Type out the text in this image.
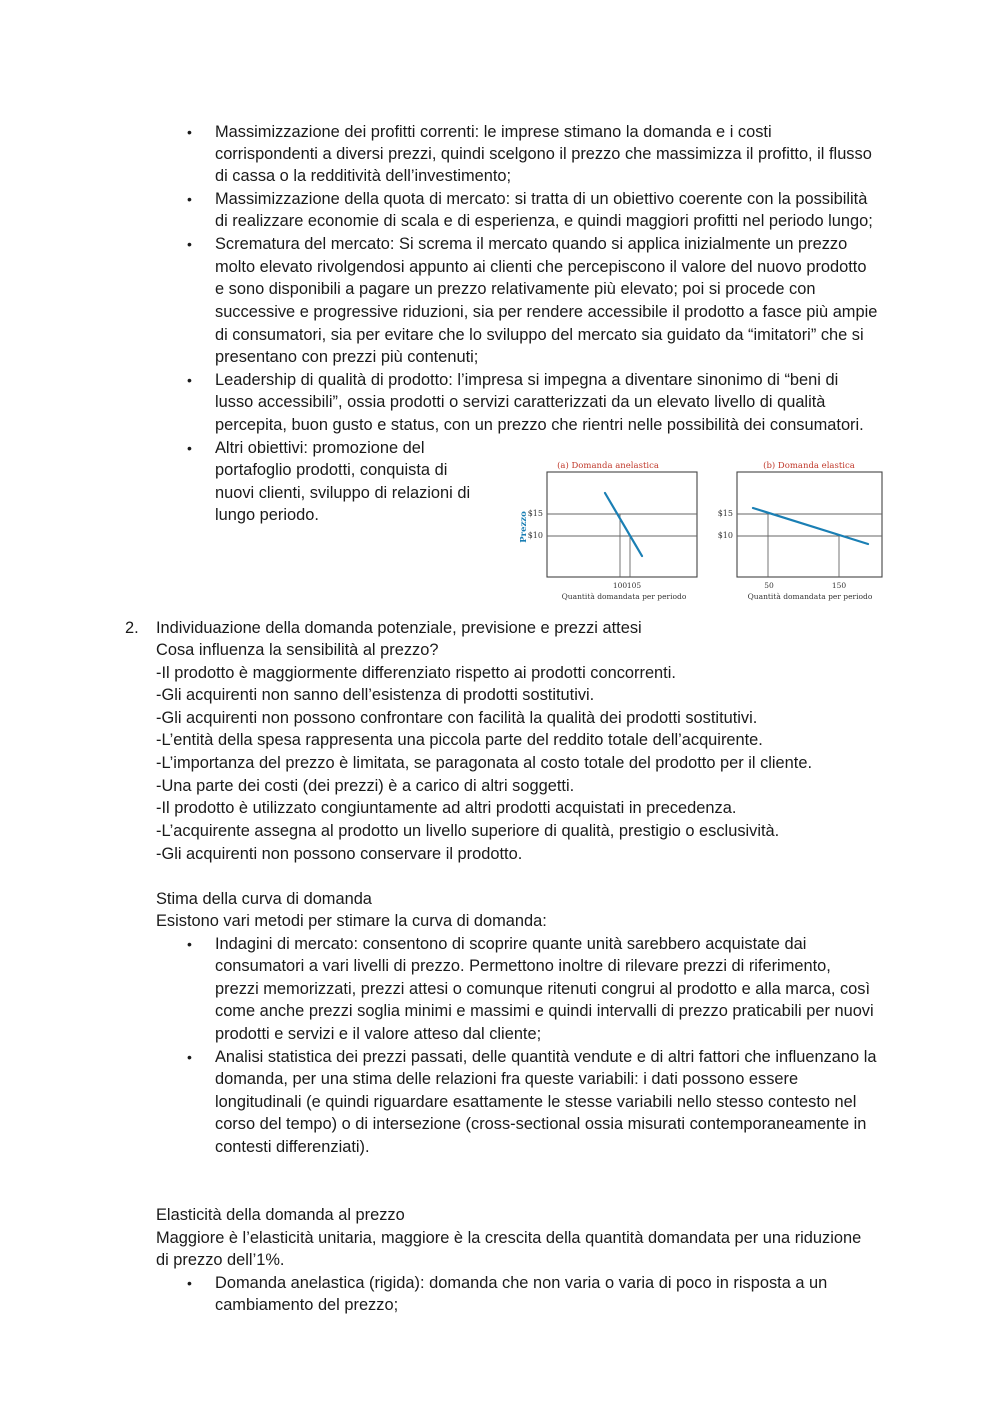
• Massimizzazione dei profitti correnti: le imprese stimano la domanda e i costi
corrispondenti a diversi prezzi, quindi scelgono il prezzo che massimizza il profitto, il flusso
di cassa o la redditività dell’investimento;
• Massimizzazione della quota di mercato: si tratta di un obiettivo coerente con la possibilità
di realizzare economie di scala e di esperienza, e quindi maggiori profitti nel periodo lungo;
• Scrematura del mercato: Si screma il mercato quando si applica inizialmente un prezzo
molto elevato rivolgendosi appunto ai clienti che percepiscono il valore del nuovo prodotto
e sono disponibili a pagare un prezzo relativamente più elevato; poi si procede con
successive e progressive riduzioni, sia per rendere accessibile il prodotto a fasce più ampie
di consumatori, sia per evitare che lo sviluppo del mercato sia guidato da “imitatori” che si
presentano con prezzi più contenuti;
• Leadership di qualità di prodotto: l’impresa si impegna a diventare sinonimo di “beni di
lusso accessibili”, ossia prodotti o servizi caratterizzati da un elevato livello di qualità
percepita, buon gusto e status, con un prezzo che rientri nelle possibilità dei consumatori.
• Altri obiettivi: promozione del
portafoglio prodotti, conquista di
nuovi clienti, sviluppo di relazioni di
lungo periodo.
(a) Domanda anelastica
Prezzo
$15
$10
100 105
Quantità domandata per periodo
(b) Domanda elastica
$15
$10
50	150
Quantità domandata per periodo
2. Individuazione della domanda potenziale, previsione e prezzi attesi
Cosa influenza la sensibilità al prezzo?
-Il prodotto è maggiormente differenziato rispetto ai prodotti concorrenti.
-Gli acquirenti non sanno dell’esistenza di prodotti sostitutivi.
-Gli acquirenti non possono confrontare con facilità la qualità dei prodotti sostitutivi.
-L’entità della spesa rappresenta una piccola parte del reddito totale dell’acquirente.
-L’importanza del prezzo è limitata, se paragonata al costo totale del prodotto per il cliente.
-Una parte dei costi (dei prezzi) è a carico di altri soggetti.
-Il prodotto è utilizzato congiuntamente ad altri prodotti acquistati in precedenza.
-L’acquirente assegna al prodotto un livello superiore di qualità, prestigio o esclusività.
-Gli acquirenti non possono conservare il prodotto.
Stima della curva di domanda
Esistono vari metodi per stimare la curva di domanda:
• Indagini di mercato: consentono di scoprire quante unità sarebbero acquistate dai
consumatori a vari livelli di prezzo. Permettono inoltre di rilevare prezzi di riferimento,
prezzi memorizzati, prezzi attesi o comunque ritenuti congrui al prodotto e alla marca, così
come anche prezzi soglia minimi e massimi e quindi intervalli di prezzo praticabili per nuovi
prodotti e servizi e il valore atteso dal cliente;
• Analisi statistica dei prezzi passati, delle quantità vendute e di altri fattori che influenzano la
domanda, per una stima delle relazioni fra queste variabili: i dati possono essere
longitudinali (e quindi riguardare esattamente le stesse variabili nello stesso contesto nel
corso del tempo) o di intersezione (cross-sectional ossia misurati contemporaneamente in
contesti differenziati).
Elasticità della domanda al prezzo
Maggiore è l’elasticità unitaria, maggiore è la crescita della quantità domandata per una riduzione
di prezzo dell’1%.
• Domanda anelastica (rigida): domanda che non varia o varia di poco in risposta a un
cambiamento del prezzo;
